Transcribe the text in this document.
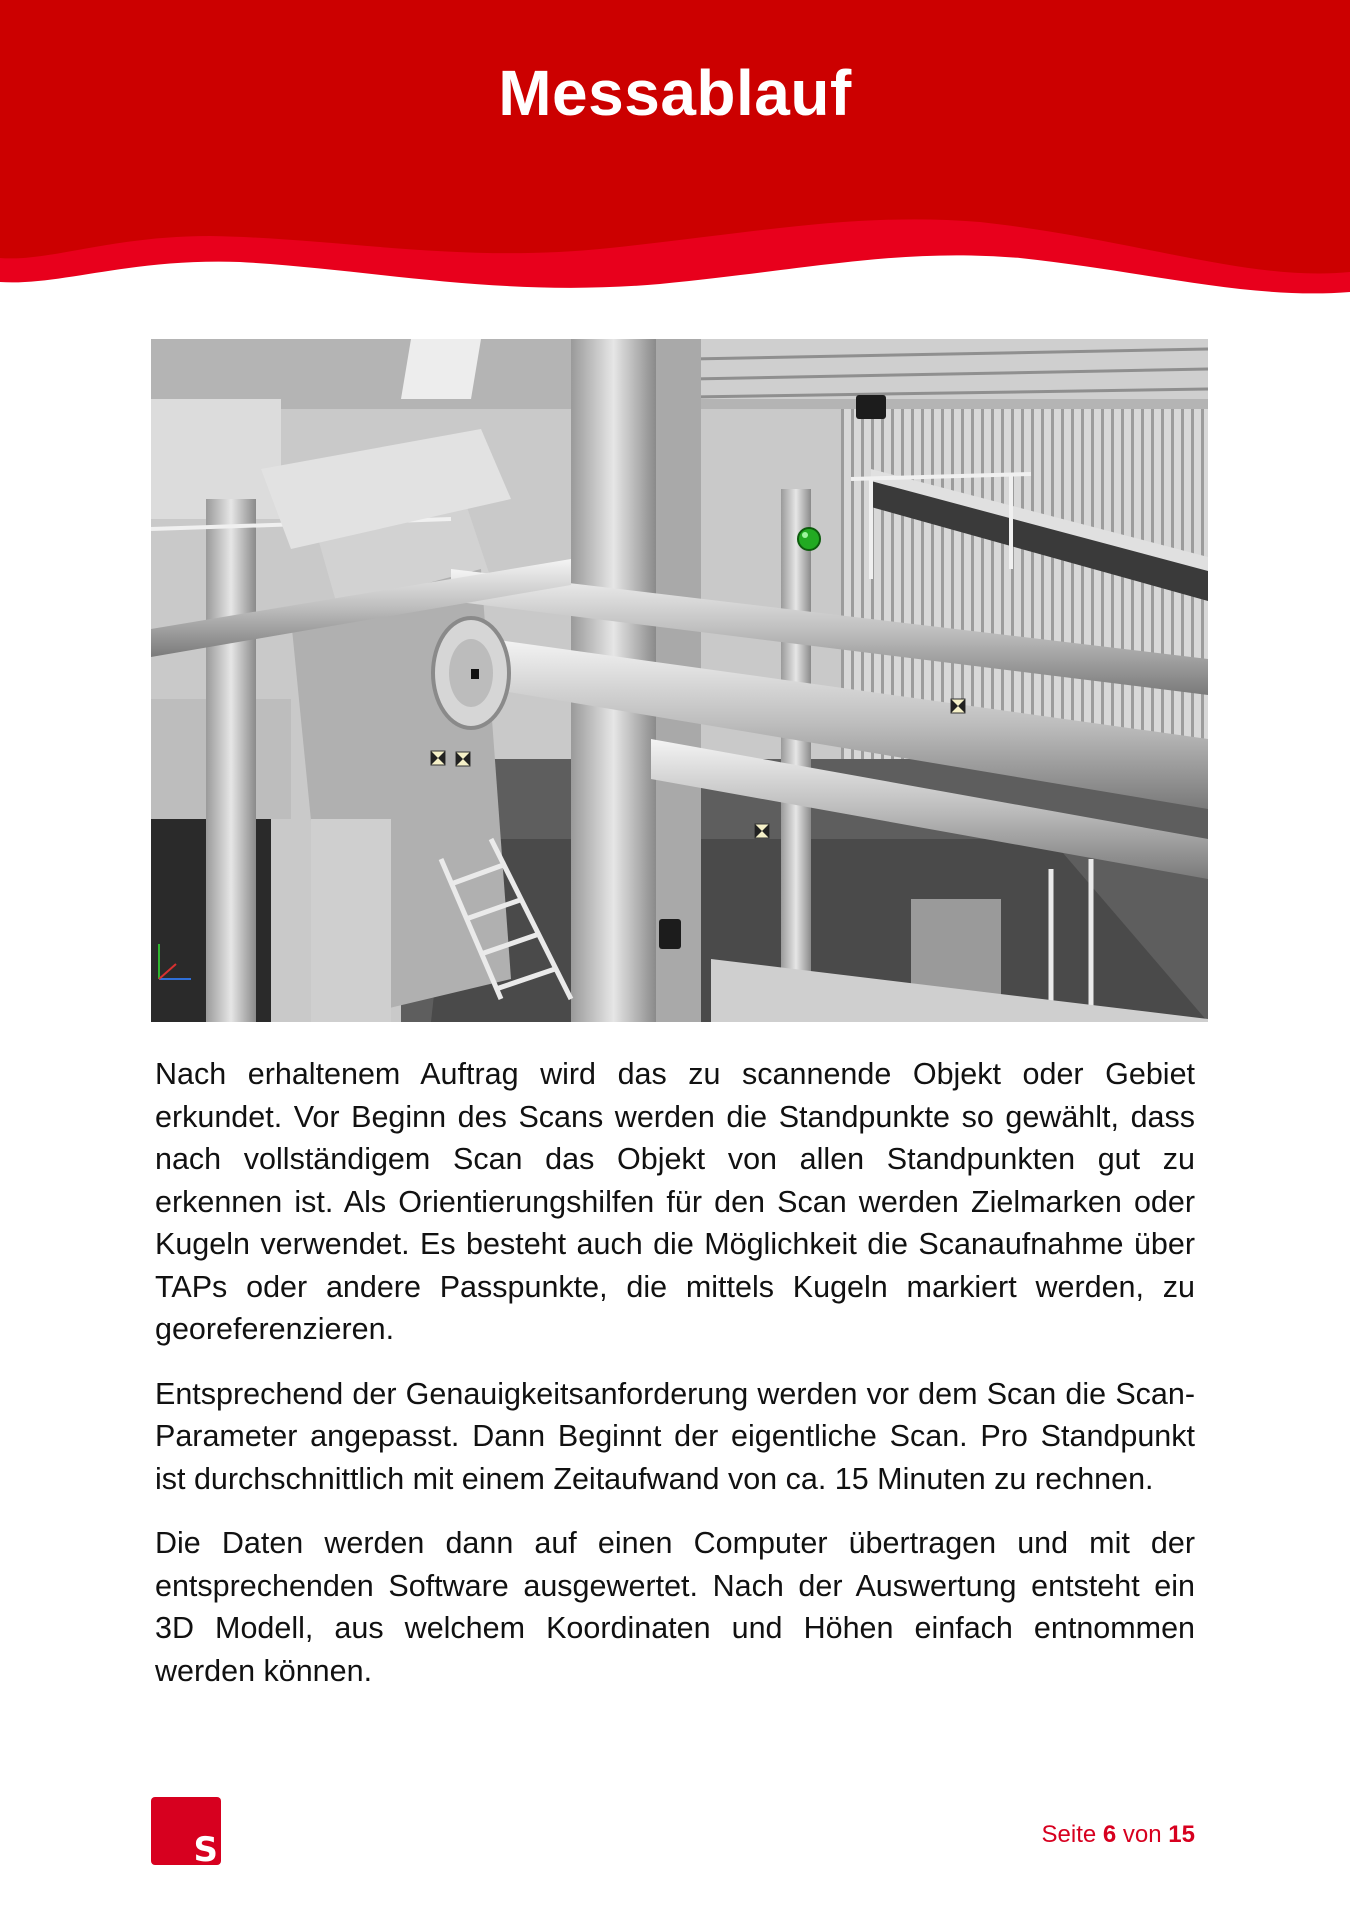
Messablauf

Nach erhaltenem Auftrag wird das zu scannende Objekt oder Gebiet erkundet. Vor Beginn des Scans werden die Standpunkte so gewählt, dass nach vollständigem Scan das Objekt von allen Standpunkten gut zu erkennen ist. Als Orientierungshilfen für den Scan werden Zielmarken oder Kugeln verwendet. Es besteht auch die Möglichkeit die Scanaufnahme über TAPs oder andere Passpunkte, die mittels Kugeln markiert werden, zu georeferenzieren.

Entsprechend der Genauigkeitsanforderung werden vor dem Scan die Scan-Parameter angepasst. Dann Beginnt der eigentliche Scan. Pro Standpunkt ist durchschnittlich mit einem Zeitaufwand von ca. 15 Minuten zu rechnen.

Die Daten werden dann auf einen Computer übertragen und mit der entsprechenden Software ausgewertet. Nach der Auswertung entsteht ein 3D Modell, aus welchem Koordinaten und Höhen einfach entnommen werden können.

S	Seite 6 von 15
